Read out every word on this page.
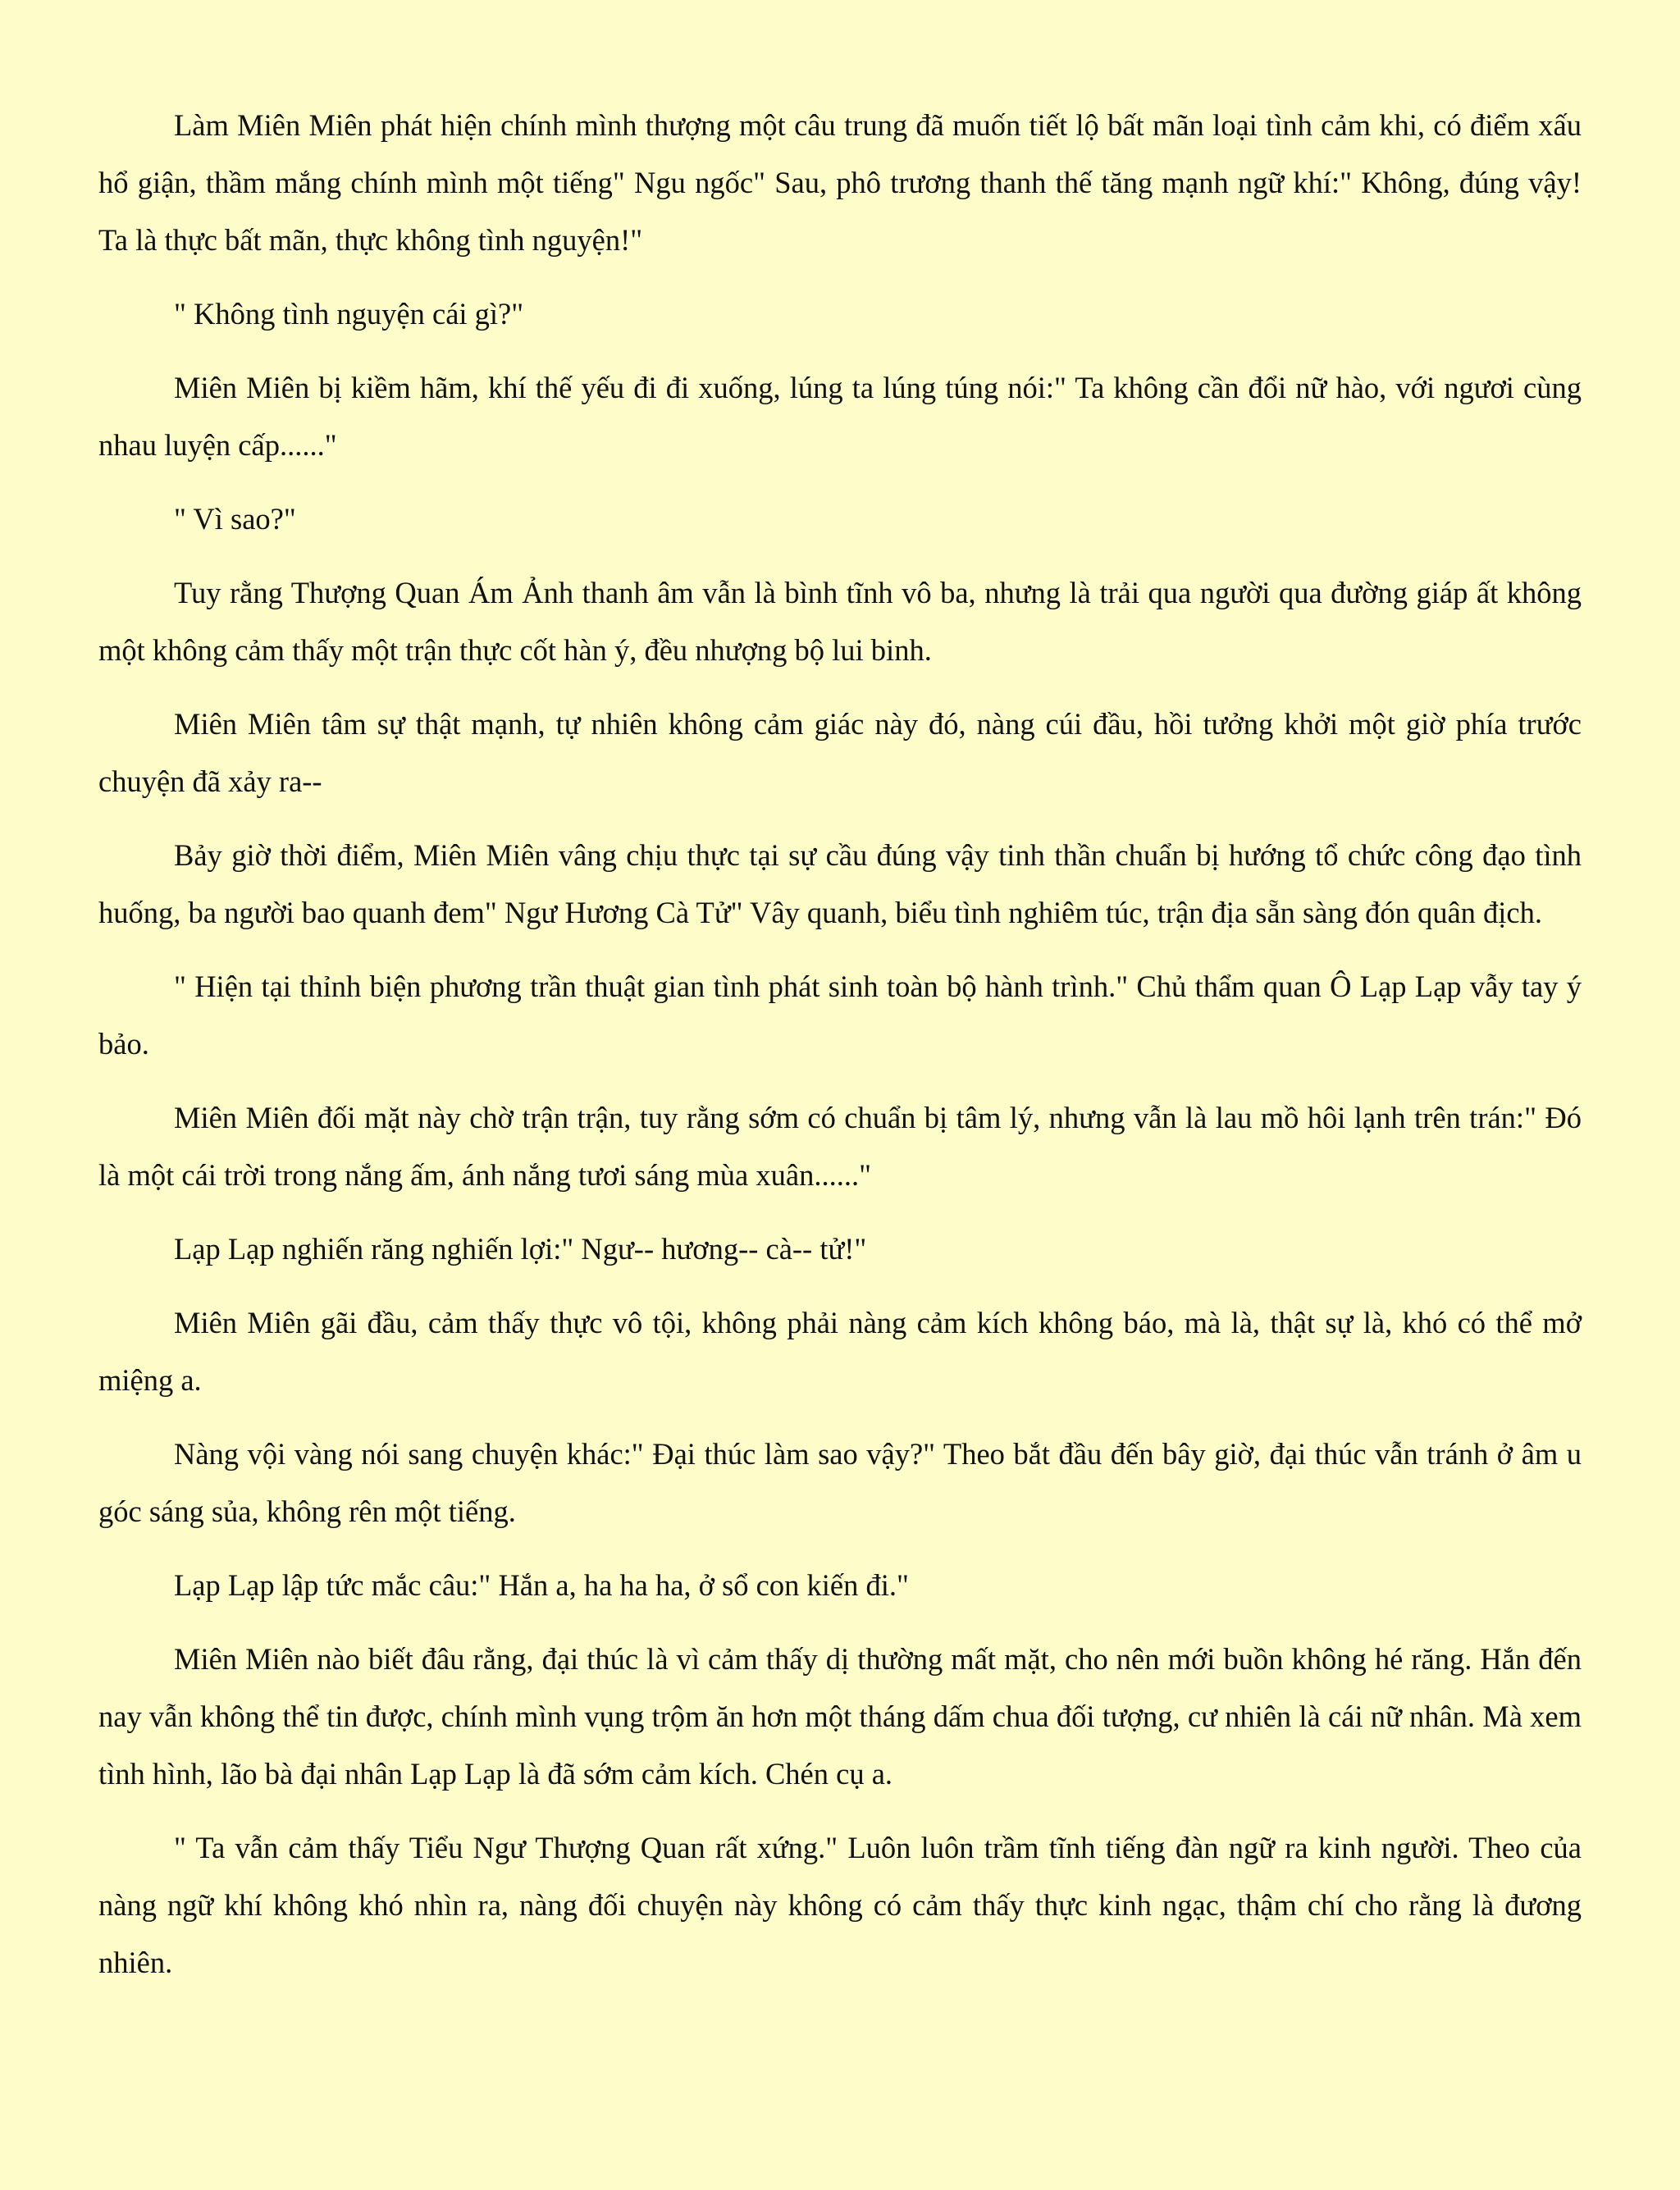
Làm Miên Miên phát hiện chính mình thượng một câu trung đã muốn tiết lộ bất mãn loại tình cảm khi, có điểm xấu hổ giận, thầm mắng chính mình một tiếng" Ngu ngốc" Sau, phô trương thanh thế tăng mạnh ngữ khí:" Không, đúng vậy! Ta là thực bất mãn, thực không tình nguyện!"

" Không tình nguyện cái gì?"

Miên Miên bị kiềm hãm, khí thế yếu đi đi xuống, lúng ta lúng túng nói:" Ta không cần đổi nữ hào, với ngươi cùng nhau luyện cấp......"

" Vì sao?"

Tuy rằng Thượng Quan Ám Ảnh thanh âm vẫn là bình tĩnh vô ba, nhưng là trải qua người qua đường giáp ất không một không cảm thấy một trận thực cốt hàn ý, đều nhượng bộ lui binh.

Miên Miên tâm sự thật mạnh, tự nhiên không cảm giác này đó, nàng cúi đầu, hồi tưởng khởi một giờ phía trước chuyện đã xảy ra--

Bảy giờ thời điểm, Miên Miên vâng chịu thực tại sự cầu đúng vậy tinh thần chuẩn bị hướng tổ chức công đạo tình huống, ba người bao quanh đem" Ngư Hương Cà Tử" Vây quanh, biểu tình nghiêm túc, trận địa sẵn sàng đón quân địch.

" Hiện tại thỉnh biện phương trần thuật gian tình phát sinh toàn bộ hành trình." Chủ thẩm quan Ô Lạp Lạp vẫy tay ý bảo.

Miên Miên đối mặt này chờ trận trận, tuy rằng sớm có chuẩn bị tâm lý, nhưng vẫn là lau mồ hôi lạnh trên trán:" Đó là một cái trời trong nắng ấm, ánh nắng tươi sáng mùa xuân......"

Lạp Lạp nghiến răng nghiến lợi:" Ngư-- hương-- cà-- tử!"

Miên Miên gãi đầu, cảm thấy thực vô tội, không phải nàng cảm kích không báo, mà là, thật sự là, khó có thể mở miệng a.

Nàng vội vàng nói sang chuyện khác:" Đại thúc làm sao vậy?" Theo bắt đầu đến bây giờ, đại thúc vẫn tránh ở âm u góc sáng sủa, không rên một tiếng.

Lạp Lạp lập tức mắc câu:" Hắn a, ha ha ha, ở sổ con kiến đi."

Miên Miên nào biết đâu rằng, đại thúc là vì cảm thấy dị thường mất mặt, cho nên mới buồn không hé răng. Hắn đến nay vẫn không thể tin được, chính mình vụng trộm ăn hơn một tháng dấm chua đối tượng, cư nhiên là cái nữ nhân. Mà xem tình hình, lão bà đại nhân Lạp Lạp là đã sớm cảm kích. Chén cụ a.

" Ta vẫn cảm thấy Tiểu Ngư Thượng Quan rất xứng." Luôn luôn trầm tĩnh tiếng đàn ngữ ra kinh người. Theo của nàng ngữ khí không khó nhìn ra, nàng đối chuyện này không có cảm thấy thực kinh ngạc, thậm chí cho rằng là đương nhiên.
